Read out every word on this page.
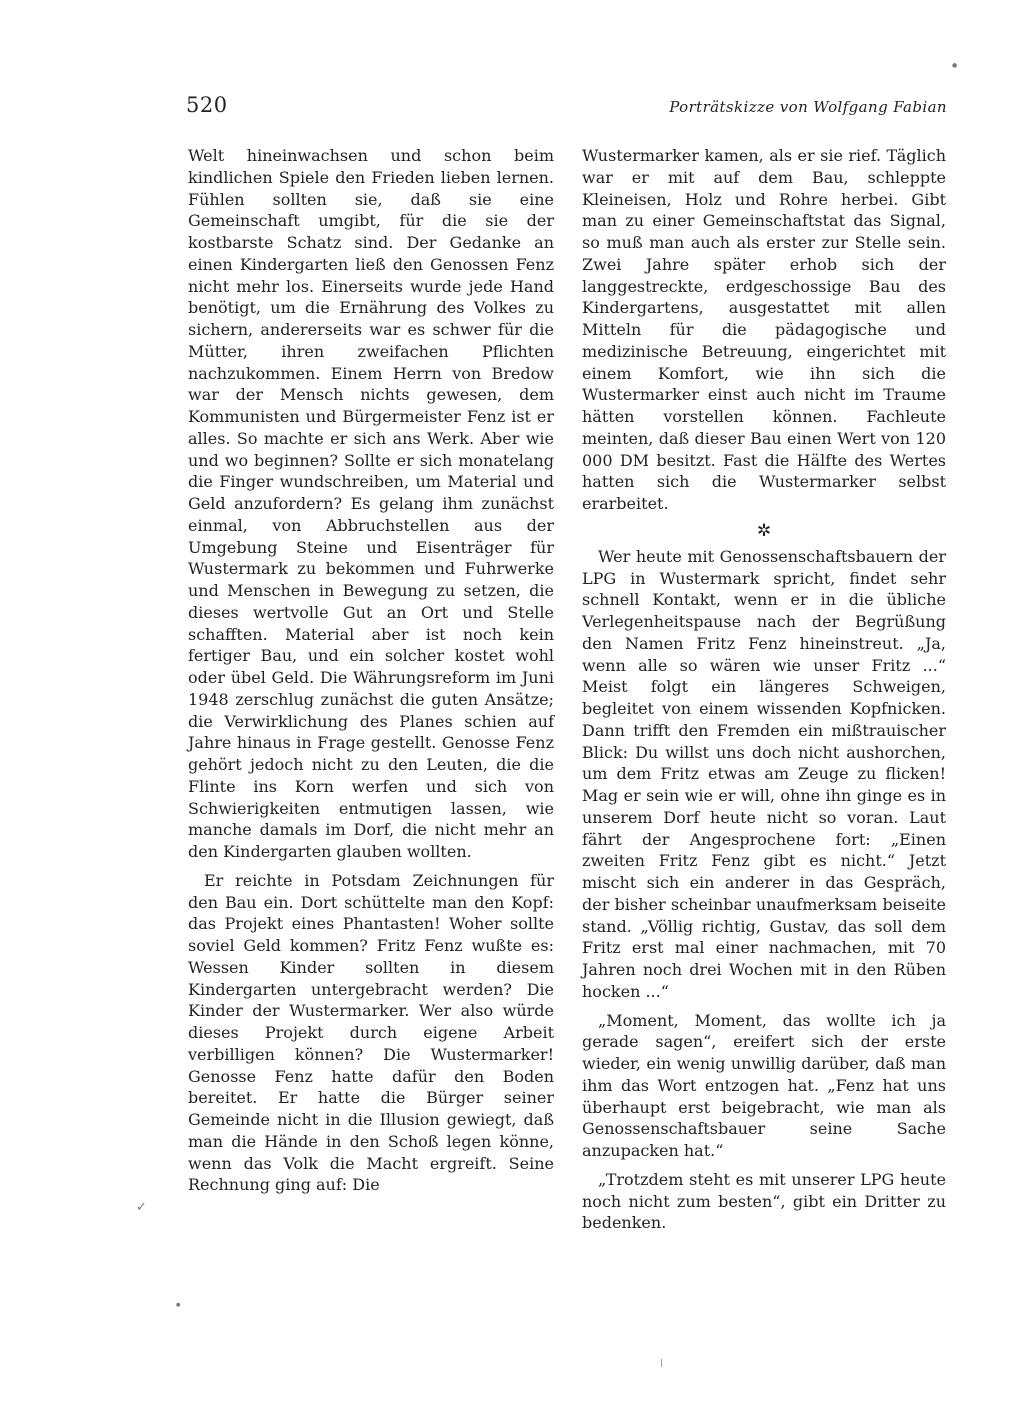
520	Porträtskizze von Wolfgang Fabian

Welt hineinwachsen und schon beim kindlichen Spiele den Frieden lieben lernen. Fühlen sollten sie, daß sie eine Gemeinschaft umgibt, für die sie der kostbarste Schatz sind. Der Gedanke an einen Kindergarten ließ den Genossen Fenz nicht mehr los. Einerseits wurde jede Hand benötigt, um die Ernährung des Volkes zu sichern, andererseits war es schwer für die Mütter, ihren zweifachen Pflichten nachzukommen. Einem Herrn von Bredow war der Mensch nichts gewesen, dem Kommunisten und Bürgermeister Fenz ist er alles. So machte er sich ans Werk. Aber wie und wo beginnen? Sollte er sich monatelang die Finger wundschreiben, um Material und Geld anzufordern? Es gelang ihm zunächst einmal, von Abbruchstellen aus der Umgebung Steine und Eisenträger für Wustermark zu bekommen und Fuhrwerke und Menschen in Bewegung zu setzen, die dieses wertvolle Gut an Ort und Stelle schafften. Material aber ist noch kein fertiger Bau, und ein solcher kostet wohl oder übel Geld. Die Währungsreform im Juni 1948 zerschlug zunächst die guten Ansätze; die Verwirklichung des Planes schien auf Jahre hinaus in Frage gestellt. Genosse Fenz gehört jedoch nicht zu den Leuten, die die Flinte ins Korn werfen und sich von Schwierigkeiten entmutigen lassen, wie manche damals im Dorf, die nicht mehr an den Kindergarten glauben wollten.

Er reichte in Potsdam Zeichnungen für den Bau ein. Dort schüttelte man den Kopf: das Projekt eines Phantasten! Woher sollte soviel Geld kommen? Fritz Fenz wußte es: Wessen Kinder sollten in diesem Kindergarten untergebracht werden? Die Kinder der Wustermarker. Wer also würde dieses Projekt durch eigene Arbeit verbilligen können? Die Wustermarker! Genosse Fenz hatte dafür den Boden bereitet. Er hatte die Bürger seiner Gemeinde nicht in die Illusion gewiegt, daß man die Hände in den Schoß legen könne, wenn das Volk die Macht ergreift. Seine Rechnung ging auf: Die

Wustermarker kamen, als er sie rief. Täglich war er mit auf dem Bau, schleppte Kleineisen, Holz und Rohre herbei. Gibt man zu einer Gemeinschaftstat das Signal, so muß man auch als erster zur Stelle sein. Zwei Jahre später erhob sich der langgestreckte, erdgeschossige Bau des Kindergartens, ausgestattet mit allen Mitteln für die pädagogische und medizinische Betreuung, eingerichtet mit einem Komfort, wie ihn sich die Wustermarker einst auch nicht im Traume hätten vorstellen können. Fachleute meinten, daß dieser Bau einen Wert von 120 000 DM besitzt. Fast die Hälfte des Wertes hatten sich die Wustermarker selbst erarbeitet.

✲

Wer heute mit Genossenschaftsbauern der LPG in Wustermark spricht, findet sehr schnell Kontakt, wenn er in die übliche Verlegenheitspause nach der Begrüßung den Namen Fritz Fenz hineinstreut. „Ja, wenn alle so wären wie unser Fritz ...“ Meist folgt ein längeres Schweigen, begleitet von einem wissenden Kopfnicken. Dann trifft den Fremden ein mißtrauischer Blick: Du willst uns doch nicht aushorchen, um dem Fritz etwas am Zeuge zu flicken! Mag er sein wie er will, ohne ihn ginge es in unserem Dorf heute nicht so voran. Laut fährt der Angesprochene fort: „Einen zweiten Fritz Fenz gibt es nicht.“ Jetzt mischt sich ein anderer in das Gespräch, der bisher scheinbar unaufmerksam beiseite stand. „Völlig richtig, Gustav, das soll dem Fritz erst mal einer nachmachen, mit 70 Jahren noch drei Wochen mit in den Rüben hocken ...“

„Moment, Moment, das wollte ich ja gerade sagen“, ereifert sich der erste wieder, ein wenig unwillig darüber, daß man ihm das Wort entzogen hat. „Fenz hat uns überhaupt erst beigebracht, wie man als Genossenschaftsbauer seine Sache anzupacken hat.“

„Trotzdem steht es mit unserer LPG heute noch nicht zum besten“, gibt ein Dritter zu bedenken.

✓
●
●
|
